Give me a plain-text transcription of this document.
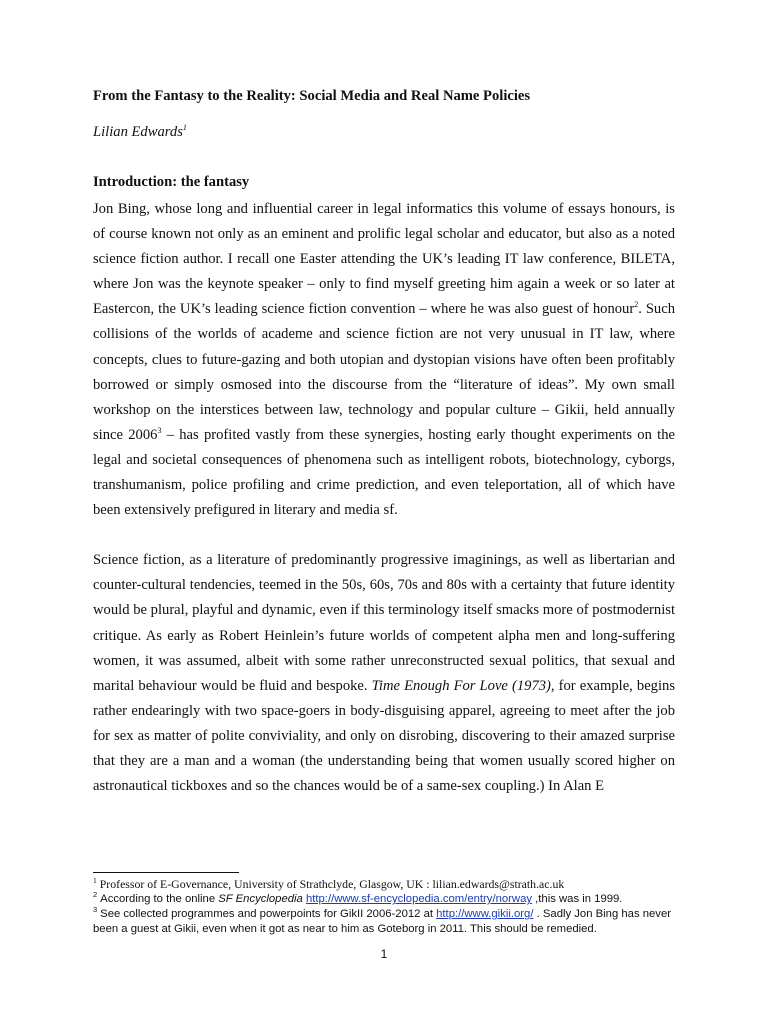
From the Fantasy to the Reality: Social Media and Real Name Policies
Lilian Edwards$^1$
Introduction: the fantasy

Jon Bing, whose long and influential career in legal informatics this volume of essays honours, is of course known not only as an eminent and prolific legal scholar and educator, but also as a noted science fiction author. I recall one Easter attending the UK’s leading IT law conference, BILETA, where Jon was the keynote speaker – only to find myself greeting him again a week or so later at Eastercon, the UK’s leading science fiction convention – where he was also guest of honour$^2$. Such collisions of the worlds of academe and science fiction are not very unusual in IT law, where concepts, clues to future-gazing and both utopian and dystopian visions have often been profitably borrowed or simply osmosed into the discourse from the “literature of ideas”. My own small workshop on the interstices between law, technology and popular culture – Gikii, held annually since 2006$^3$ – has profited vastly from these synergies, hosting early thought experiments on the legal and societal consequences of phenomena such as intelligent robots, biotechnology, cyborgs, transhumanism, police profiling and crime prediction, and even teleportation, all of which have been extensively prefigured in literary and media sf.

Science fiction, as a literature of predominantly progressive imaginings, as well as libertarian and counter-cultural tendencies, teemed in the 50s, 60s, 70s and 80s with a certainty that future identity would be plural, playful and dynamic, even if this terminology itself smacks more of postmodernist critique. As early as Robert Heinlein’s future worlds of competent alpha men and long-suffering women, it was assumed, albeit with some rather unreconstructed sexual politics, that sexual and marital behaviour would be fluid and bespoke. Time Enough For Love (1973), for example, begins rather endearingly with two space-goers in body-disguising apparel, agreeing to meet after the job for sex as matter of polite conviviality, and only on disrobing, discovering to their amazed surprise that they are a man and a woman (the understanding being that women usually scored higher on astronautical tickboxes and so the chances would be of a same-sex coupling.) In Alan E

$^1$ Professor of E-Governance, University of Strathclyde, Glasgow, UK : lilian.edwards@strath.ac.uk

$^2$ According to the online SF Encyclopedia http://www.sf-encyclopedia.com/entry/norway ,this was in 1999.

$^3$ See collected programmes and powerpoints for GikII 2006-2012 at http://www.gikii.org/ . Sadly Jon Bing has never been a guest at Gikii, even when it got as near to him as Goteborg in 2011. This should be remedied.

1
